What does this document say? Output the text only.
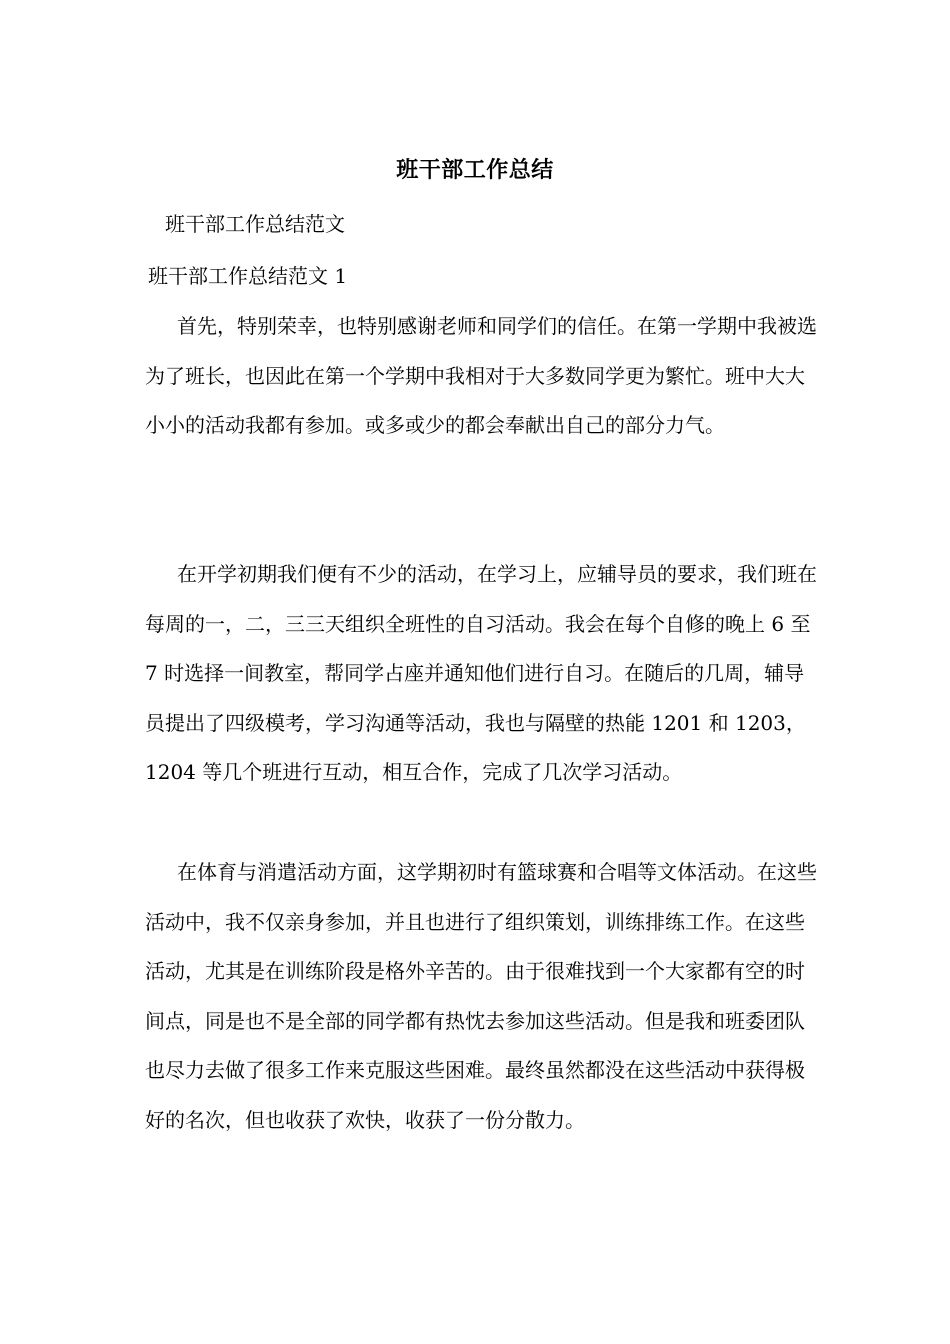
班干部工作总结
班干部工作总结范文
班干部工作总结范文 1

首先，特别荣幸，也特别感谢老师和同学们的信任。在第一学期中我被选为了班长，也因此在第一个学期中我相对于大多数同学更为繁忙。班中大大小小的活动我都有参加。或多或少的都会奉献出自己的部分力气。

在开学初期我们便有不少的活动，在学习上，应辅导员的要求，我们班在每周的一，二，三三天组织全班性的自习活动。我会在每个自修的晚上 6 至 7 时选择一间教室，帮同学占座并通知他们进行自习。在随后的几周，辅导员提出了四级模考，学习沟通等活动，我也与隔壁的热能 1201 和 1203，1204 等几个班进行互动，相互合作，完成了几次学习活动。

在体育与消遣活动方面，这学期初时有篮球赛和合唱等文体活动。在这些活动中，我不仅亲身参加，并且也进行了组织策划，训练排练工作。在这些活动，尤其是在训练阶段是格外辛苦的。由于很难找到一个大家都有空的时间点，同是也不是全部的同学都有热忱去参加这些活动。但是我和班委团队也尽力去做了很多工作来克服这些困难。最终虽然都没在这些活动中获得极好的名次，但也收获了欢快，收获了一份分散力。
